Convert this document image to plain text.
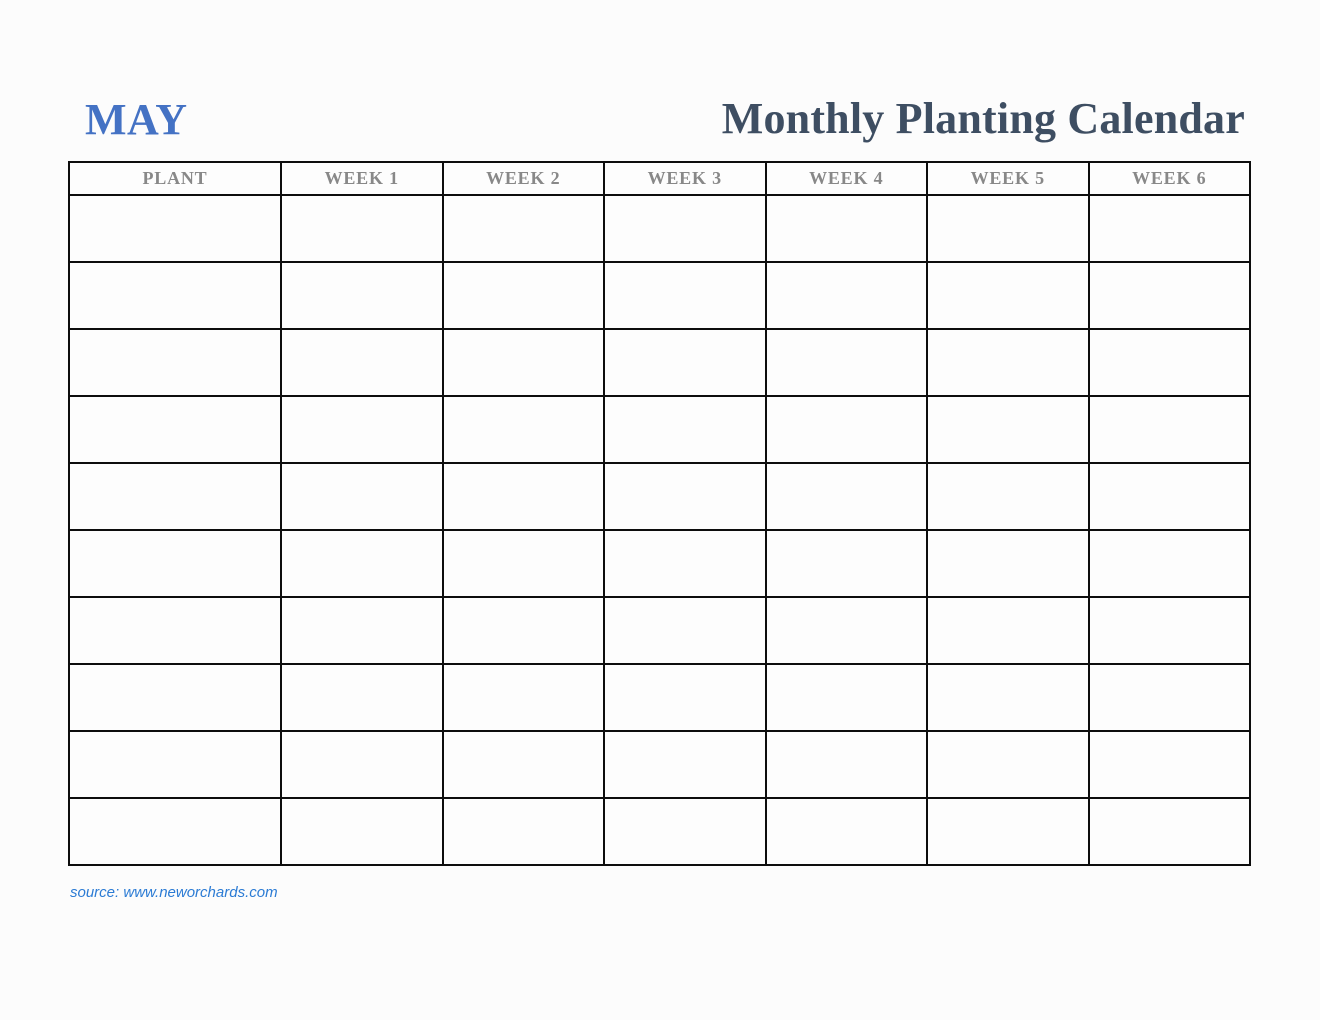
may	Monthly Planting Calendar
PLANT	WEEK 1	WEEK 2	WEEK 3	WEEK 4	WEEK 5	WEEK 6

source: www.neworchards.com
